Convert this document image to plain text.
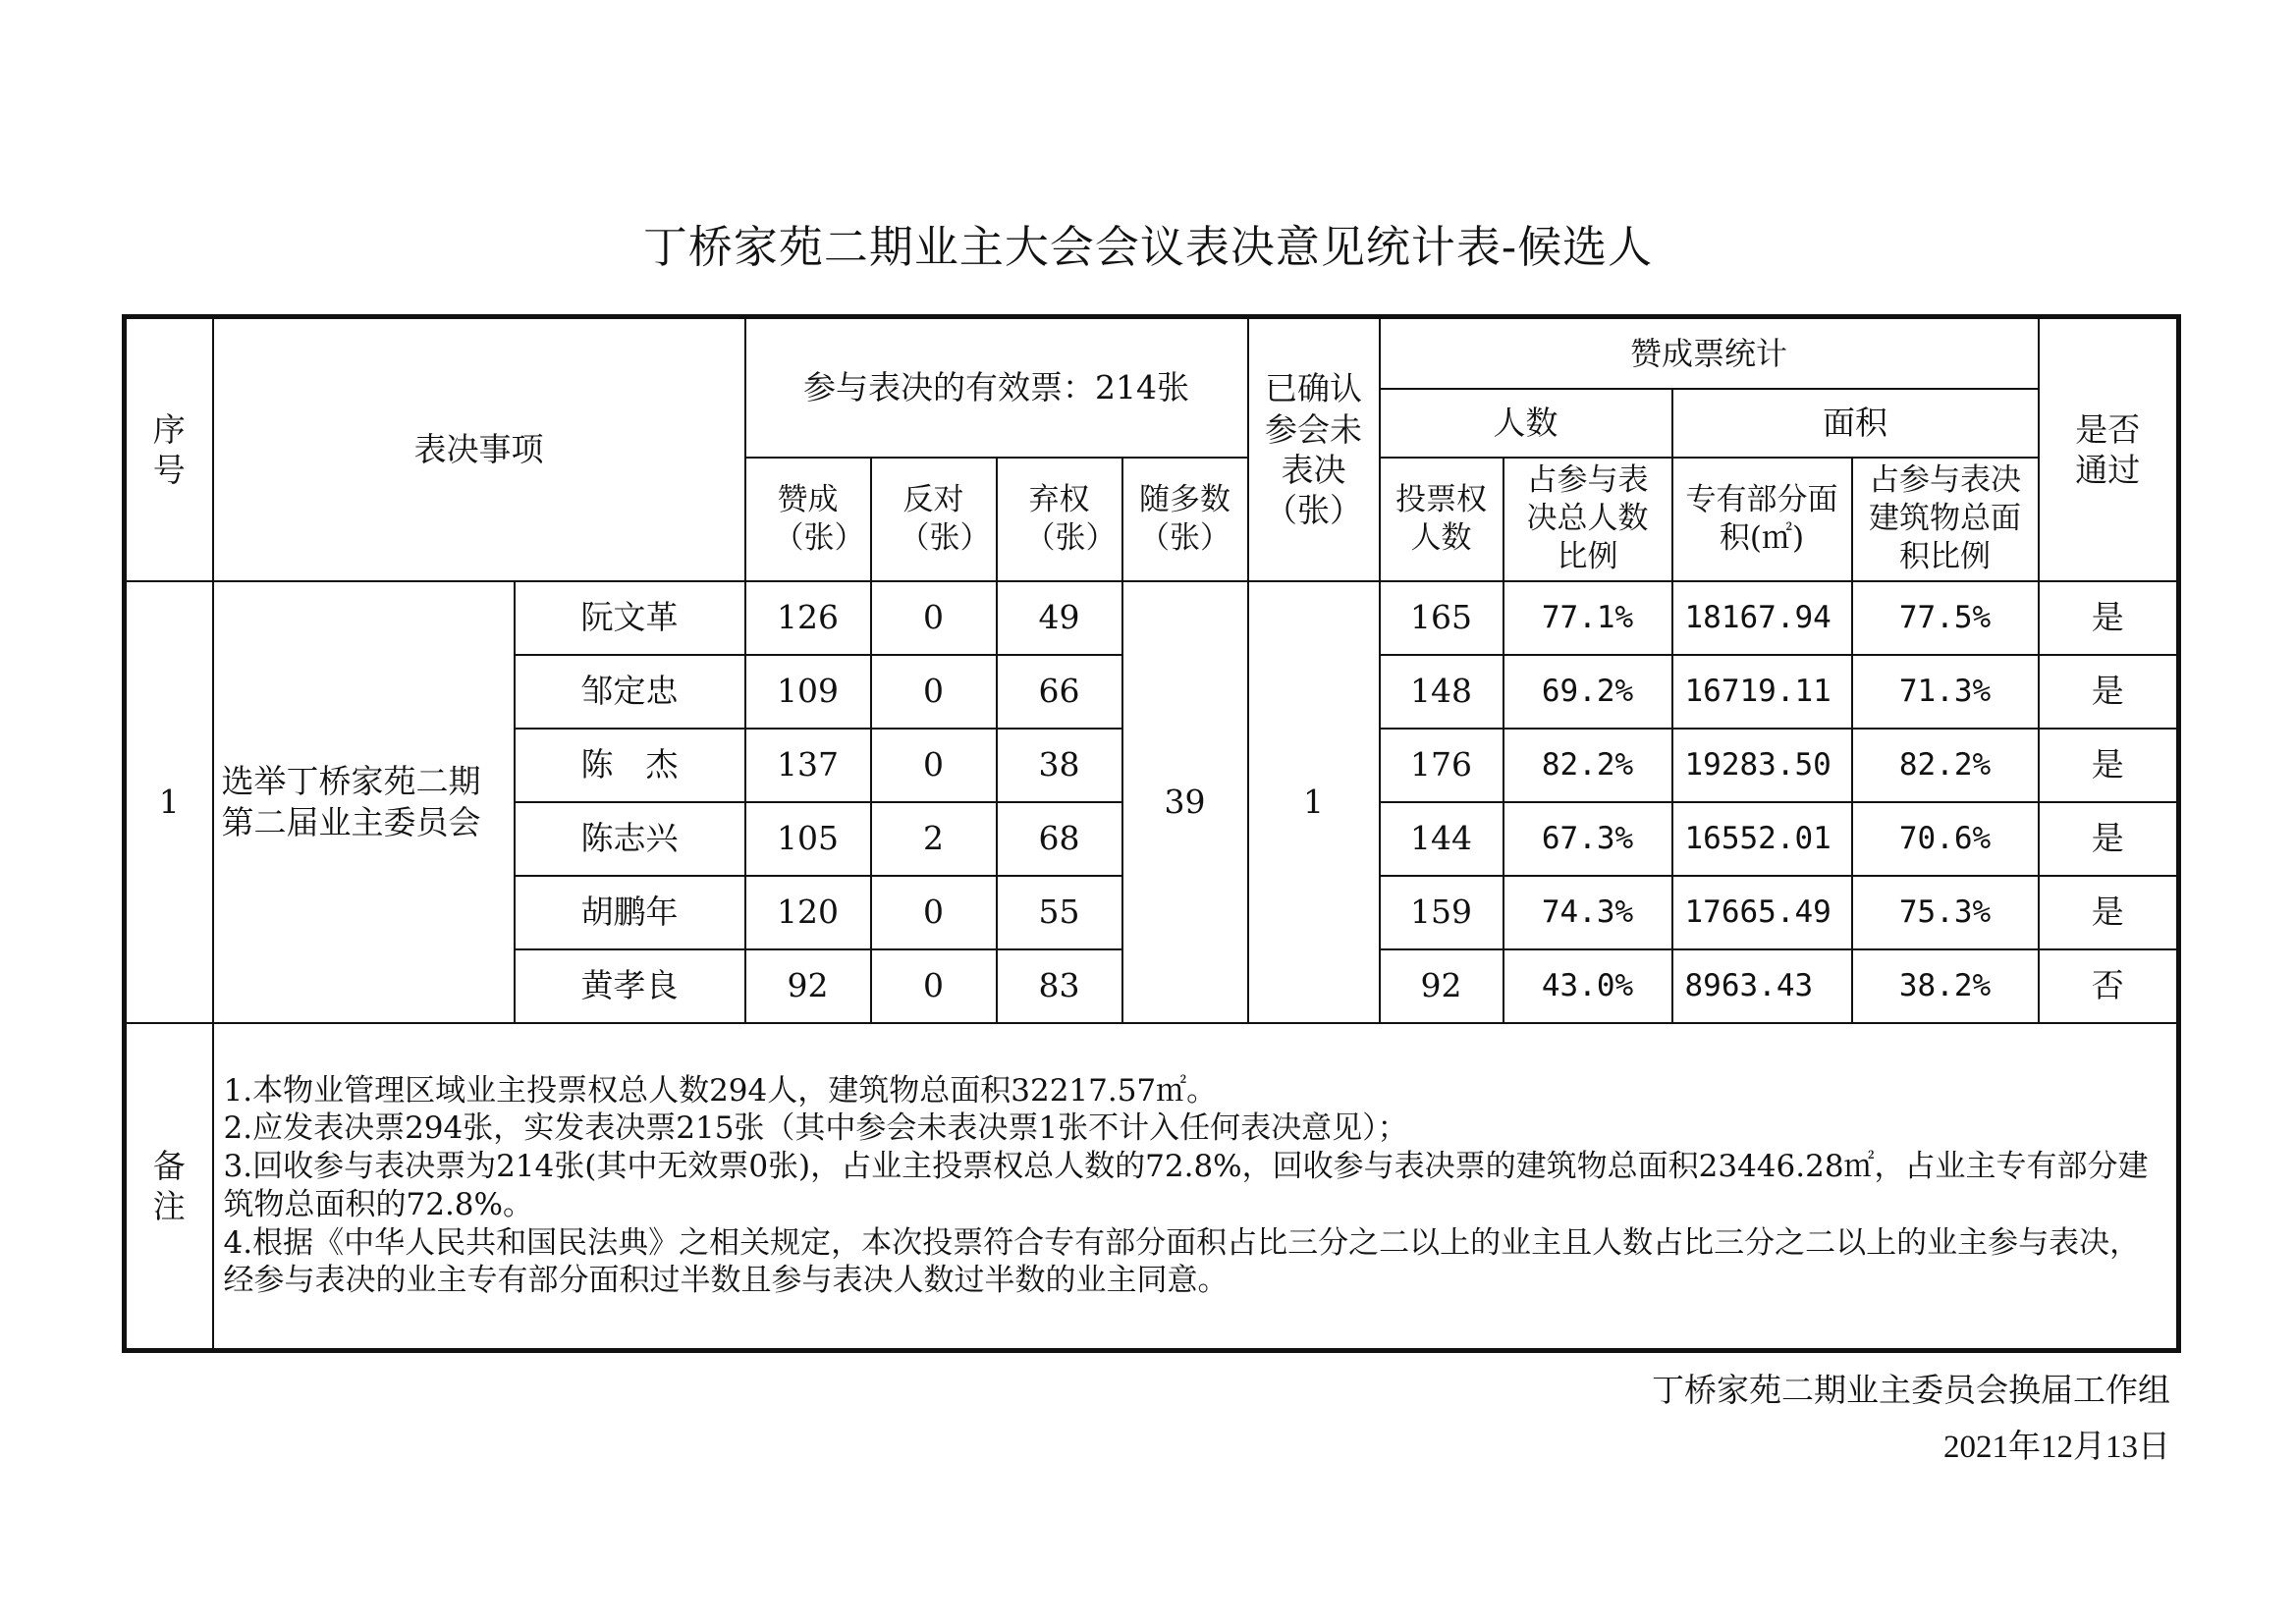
丁桥家苑二期业主大会会议表决意见统计表-候选人
序号	表决事项		参与表决的有效票：214张				已确认参会未表决（张）	赞成票统计				是否通过
								人数		面积		
			赞成（张）	反对（张）	弃权（张）	随多数（张）		投票权人数	占参与表决总人数比例	专有部分面积(㎡)	占参与表决建筑物总面积比例	
1	选举丁桥家苑二期第二届业主委员会	阮文革	126	0	49	39	1	165	77.1%	18167.94	77.5%	是
		邹定忠	109	0	66			148	69.2%	16719.11	71.3%	是
		陈　杰	137	0	38			176	82.2%	19283.50	82.2%	是
		陈志兴	105	2	68			144	67.3%	16552.01	70.6%	是
		胡鹏年	120	0	55			159	74.3%	17665.49	75.3%	是
		黄孝良	92	0	83			92	43.0%	8963.43	38.2%	否
备注	1.本物业管理区域业主投票权总人数294人，建筑物总面积32217.57㎡。
2.应发表决票294张，实发表决票215张（其中参会未表决票1张不计入任何表决意见）；
3.回收参与表决票为214张(其中无效票0张)，占业主投票权总人数的72.8%，回收参与表决票的建筑物总面积23446.28㎡，占业主专有部分建筑物总面积的72.8%。
4.根据《中华人民共和国民法典》之相关规定，本次投票符合专有部分面积占比三分之二以上的业主且人数占比三分之二以上的业主参与表决，经参与表决的业主专有部分面积过半数且参与表决人数过半数的业主同意。											
丁桥家苑二期业主委员会换届工作组
2021年12月13日
